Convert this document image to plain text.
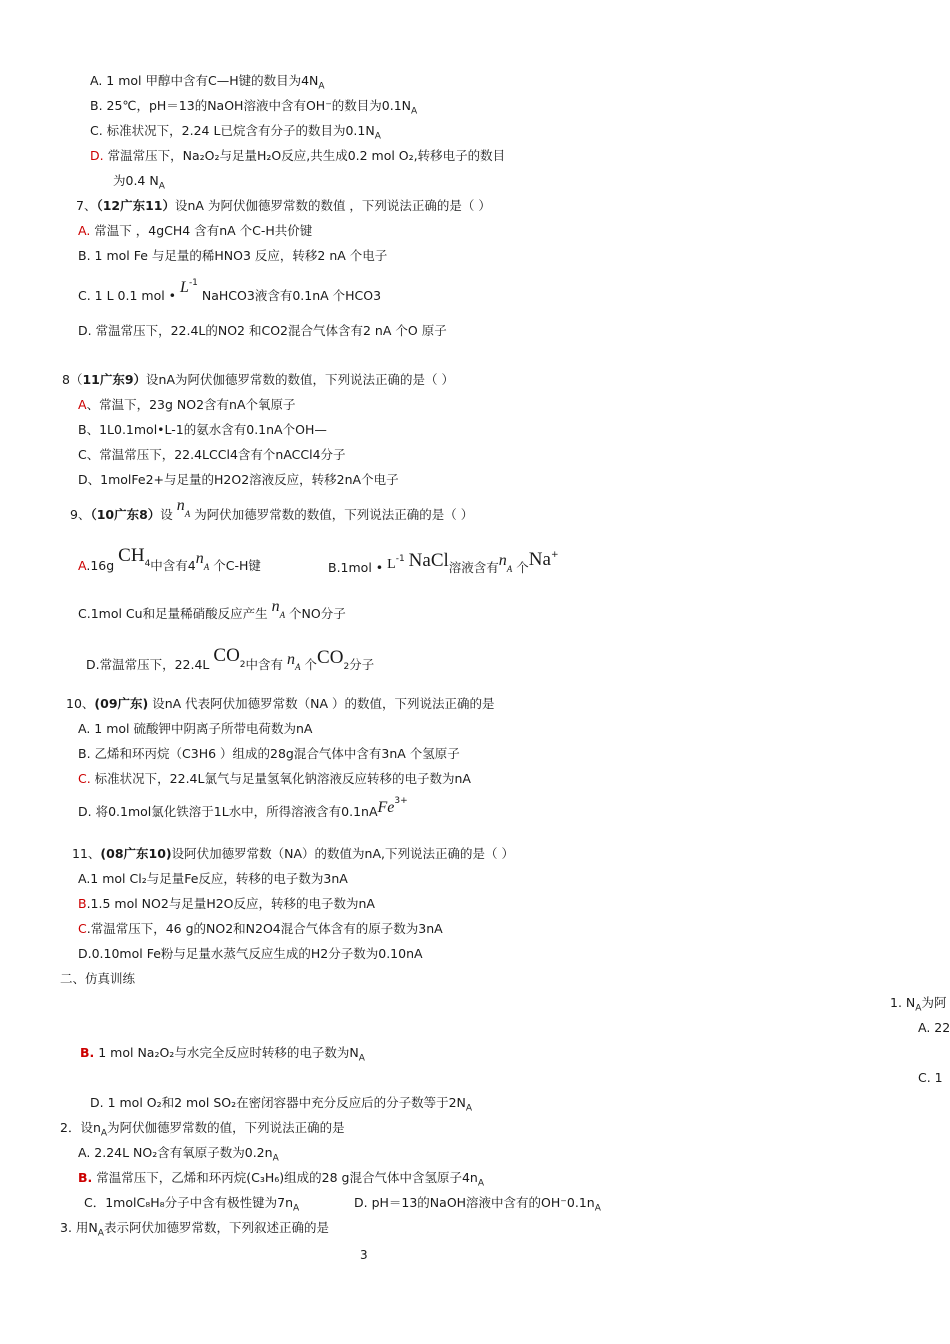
A. 1 mol 甲醇中含有C—H键的数目为$4N_A$
B. 25℃，pH＝13的NaOH溶液中含有OH⁻的数目为$0.1N_A$
C. 标准状况下，2.24 L已烷含有分子的数目为$0.1N_A$
D. 常温常压下，Na₂O₂与足量H₂O反应,共生成0.2 mol O₂,转移电子的数目
为0.4 $N_A$
7、（12广东11）设nA 为阿伏伽德罗常数的数值 ，下列说法正确的是（ ）
A. 常温下 ，4gCH4 含有nA 个C-H共价键
B. 1 mol Fe 与足量的稀HNO3 反应，转移2 nA 个电子
C. 1 L 0.1 mol • $L^{-1}$ NaHCO3液含有0.1nA 个HCO3
D. 常温常压下，22.4L的NO2 和CO2混合气体含有2 nA 个O 原子
8（11广东9）设nA为阿伏伽德罗常数的数值，下列说法正确的是（ ）
A、常温下，23g NO2含有nA个氧原子
B、1L0.1mol•L-1的氨水含有0.1nA个OH—
C、常温常压下，22.4LCCl4含有个nACCl4分子
D、1molFe2+与足量的H2O2溶液反应，转移2nA个电子
9、（10广东8）设 $n_A$ 为阿伏加德罗常数的数值，下列说法正确的是（ ）
A.16g $CH_4$中含有$4n_A$ 个C-H键	B.1mol • $L^{-1}$ NaCl溶液含有$n_A$ 个Na+
C.1mol Cu和足量稀硝酸反应产生 $n_A$ 个NO分子
D.常温常压下，22.4L $CO_2$中含有 $n_A$ 个$CO_2$分子
10、(09广东) 设nA 代表阿伏加德罗常数（NA ）的数值，下列说法正确的是
A. 1 mol 硫酸钾中阴离子所带电荷数为nA
B. 乙烯和环丙烷（C3H6 ）组成的28g混合气体中含有3nA 个氢原子
C. 标准状况下，22.4L氯气与足量氢氧化钠溶液反应转移的电子数为nA
D. 将0.1mol氯化铁溶于1L水中，所得溶液含有0.1nAFe$^{3+}$
11、(08广东10)设阿伏加德罗常数（NA）的数值为nA,下列说法正确的是（ ）
A.1 mol Cl₂与足量Fe反应，转移的电子数为3nA
B.1.5 mol NO2与足量H2O反应，转移的电子数为nA
C.常温常压下，46 g的NO2和N2O4混合气体含有的原子数为3nA
D.0.10mol Fe粉与足量水蒸气反应生成的H2分子数为0.10nA
二、仿真训练
1. $N_A$为阿
A. 22
B. 1 mol Na₂O₂与水完全反应时转移的电子数为$N_A$
C. 1
D. 1 mol O₂和2 mol SO₂在密闭容器中充分反应后的分子数等于$2N_A$
2．设$n_A$为阿伏伽德罗常数的值，下列说法正确的是
A. 2.24L NO₂含有氧原子数为$0.2n_A$
B. 常温常压下，乙烯和环丙烷(C₃H₆)组成的28 g混合气体中含氢原子$4n_A$
C．1molC₈H₈分子中含有极性键为$7n_A$	D. pH＝13的NaOH溶液中含有的$OH^-0.1n_A$
3. 用$N_A$表示阿伏加德罗常数，下列叙述正确的是
3
